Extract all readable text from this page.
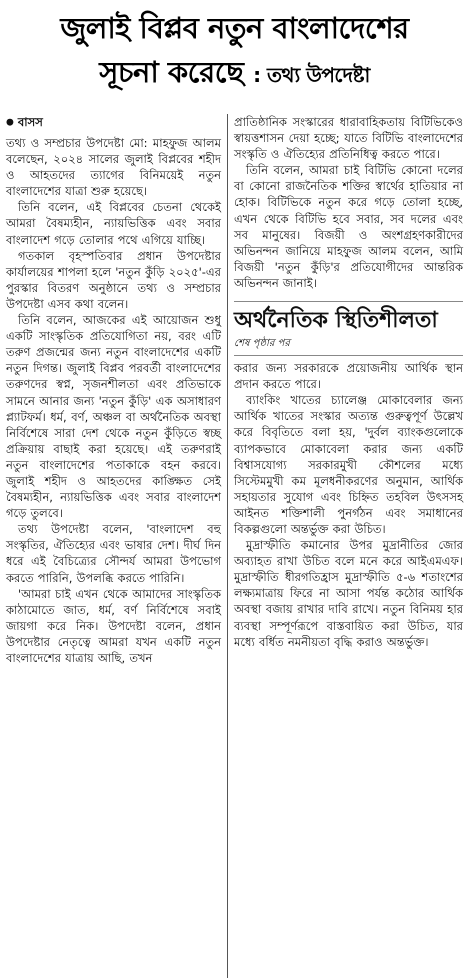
জুলাই বিপ্লব নতুন বাংলাদেশের
সূচনা করেছে : তথ্য উপদেষ্টা

● বাসস

তথ্য ও সম্প্রচার উপদেষ্টা মো: মাহফুজ আলম বলেছেন, ২০২৪ সালের জুলাই বিপ্লবের শহীদ ও আহতদের ত্যাগের বিনিময়েই নতুন বাংলাদেশের যাত্রা শুরু হয়েছে।

তিনি বলেন, এই বিপ্লবের চেতনা থেকেই আমরা বৈষম্যহীন, ন্যায়ভিত্তিক এবং সবার বাংলাদেশ গড়ে তোলার পথে এগিয়ে যাচ্ছি।

গতকাল বৃহস্পতিবার প্রধান উপদেষ্টার কার্যালয়ের শাপলা হলে 'নতুন কুঁড়ি ২০২৫'-এর পুরস্কার বিতরণ অনুষ্ঠানে তথ্য ও সম্প্রচার উপদেষ্টা এসব কথা বলেন।

তিনি বলেন, আজকের এই আয়োজন শুধু একটি সাংস্কৃতিক প্রতিযোগিতা নয়, বরং এটি তরুণ প্রজন্মের জন্য নতুন বাংলাদেশের একটি নতুন দিগন্ত। জুলাই বিপ্লব পরবর্তী বাংলাদেশের তরুণদের স্বপ্ন, সৃজনশীলতা এবং প্রতিভাকে সামনে আনার জন্য 'নতুন কুঁড়ি' এক অসাধারণ প্ল্যাটফর্ম। ধর্ম, বর্ণ, অঞ্চল বা অর্থনৈতিক অবস্থা নির্বিশেষে সারা দেশ থেকে নতুন কুঁড়িতে স্বচ্ছ প্রক্রিয়ায় বাছাই করা হয়েছে। এই তরুণরাই নতুন বাংলাদেশের পতাকাকে বহন করবে। জুলাই শহীদ ও আহতদের কাঙ্ক্ষিত সেই বৈষম্যহীন, ন্যায়ভিত্তিক এবং সবার বাংলাদেশ গড়ে তুলবে।

তথ্য উপদেষ্টা বলেন, 'বাংলাদেশ বহু সংস্কৃতির, ঐতিহ্যের এবং ভাষার দেশ। দীর্ঘ দিন ধরে এই বৈচিত্র্যের সৌন্দর্য আমরা উপভোগ করতে পারিনি, উপলব্ধি করতে পারিনি।

'আমরা চাই এখন থেকে আমাদের সাংস্কৃতিক কাঠামোতে জাত, ধর্ম, বর্ণ নির্বিশেষে সবাই জায়গা করে নিক। উপদেষ্টা বলেন, প্রধান উপদেষ্টার নেতৃত্বে আমরা যখন একটি নতুন বাংলাদেশের যাত্রায় আছি, তখন

প্রাতিষ্ঠানিক সংস্কারের ধারাবাহিকতায় বিটিভিকেও স্বায়ত্তশাসন দেয়া হচ্ছে; যাতে বিটিভি বাংলাদেশের সংস্কৃতি ও ঐতিহ্যের প্রতিনিধিত্ব করতে পারে।

তিনি বলেন, আমরা চাই বিটিভি কোনো দলের বা কোনো রাজনৈতিক শক্তির স্বার্থের হাতিয়ার না হোক। বিটিভিকে নতুন করে গড়ে তোলা হচ্ছে, এখন থেকে বিটিভি হবে সবার, সব দলের এবং সব মানুষের। বিজয়ী ও অংশগ্রহণকারীদের অভিনন্দন জানিয়ে মাহফুজ আলম বলেন, আমি বিজয়ী 'নতুন কুঁড়ি'র প্রতিযোগীদের আন্তরিক অভিনন্দন জানাই।

অর্থনৈতিক স্থিতিশীলতা

শেষ পৃষ্ঠার পর

করার জন্য সরকারকে প্রয়োজনীয় আর্থিক স্থান প্রদান করতে পারে।

ব্যাংকিং খাতের চ্যালেঞ্জ মোকাবেলার জন্য আর্থিক খাতের সংস্কার অত্যন্ত গুরুত্বপূর্ণ উল্লেখ করে বিবৃতিতে বলা হয়, 'দুর্বল ব্যাংকগুলোকে ব্যাপকভাবে মোকাবেলা করার জন্য একটি বিশ্বাসযোগ্য সরকারমুখী কৌশলের মধ্যে সিস্টেমমুখী কম মূলধনীকরণের অনুমান, আর্থিক সহায়তার সুযোগ এবং চিহ্নিত তহবিল উৎসসহ আইনত শক্তিশালী পুনর্গঠন এবং সমাধানের বিকল্পগুলো অন্তর্ভুক্ত করা উচিত।

মুদ্রাস্ফীতি কমানোর উপর মুদ্রানীতির জোর অব্যাহত রাখা উচিত বলে মনে করে আইএমএফ। মুদ্রাস্ফীতি ধীরগতিহ্রাস মুদ্রাস্ফীতি ৫-৬ শতাংশের লক্ষ্যমাত্রায় ফিরে না আসা পর্যন্ত কঠোর আর্থিক অবস্থা বজায় রাখার দাবি রাখে। নতুন বিনিময় হার ব্যবস্থা সম্পূর্ণরূপে বাস্তবায়িত করা উচিত, যার মধ্যে বর্ধিত নমনীয়তা বৃদ্ধি করাও অন্তর্ভুক্ত।
